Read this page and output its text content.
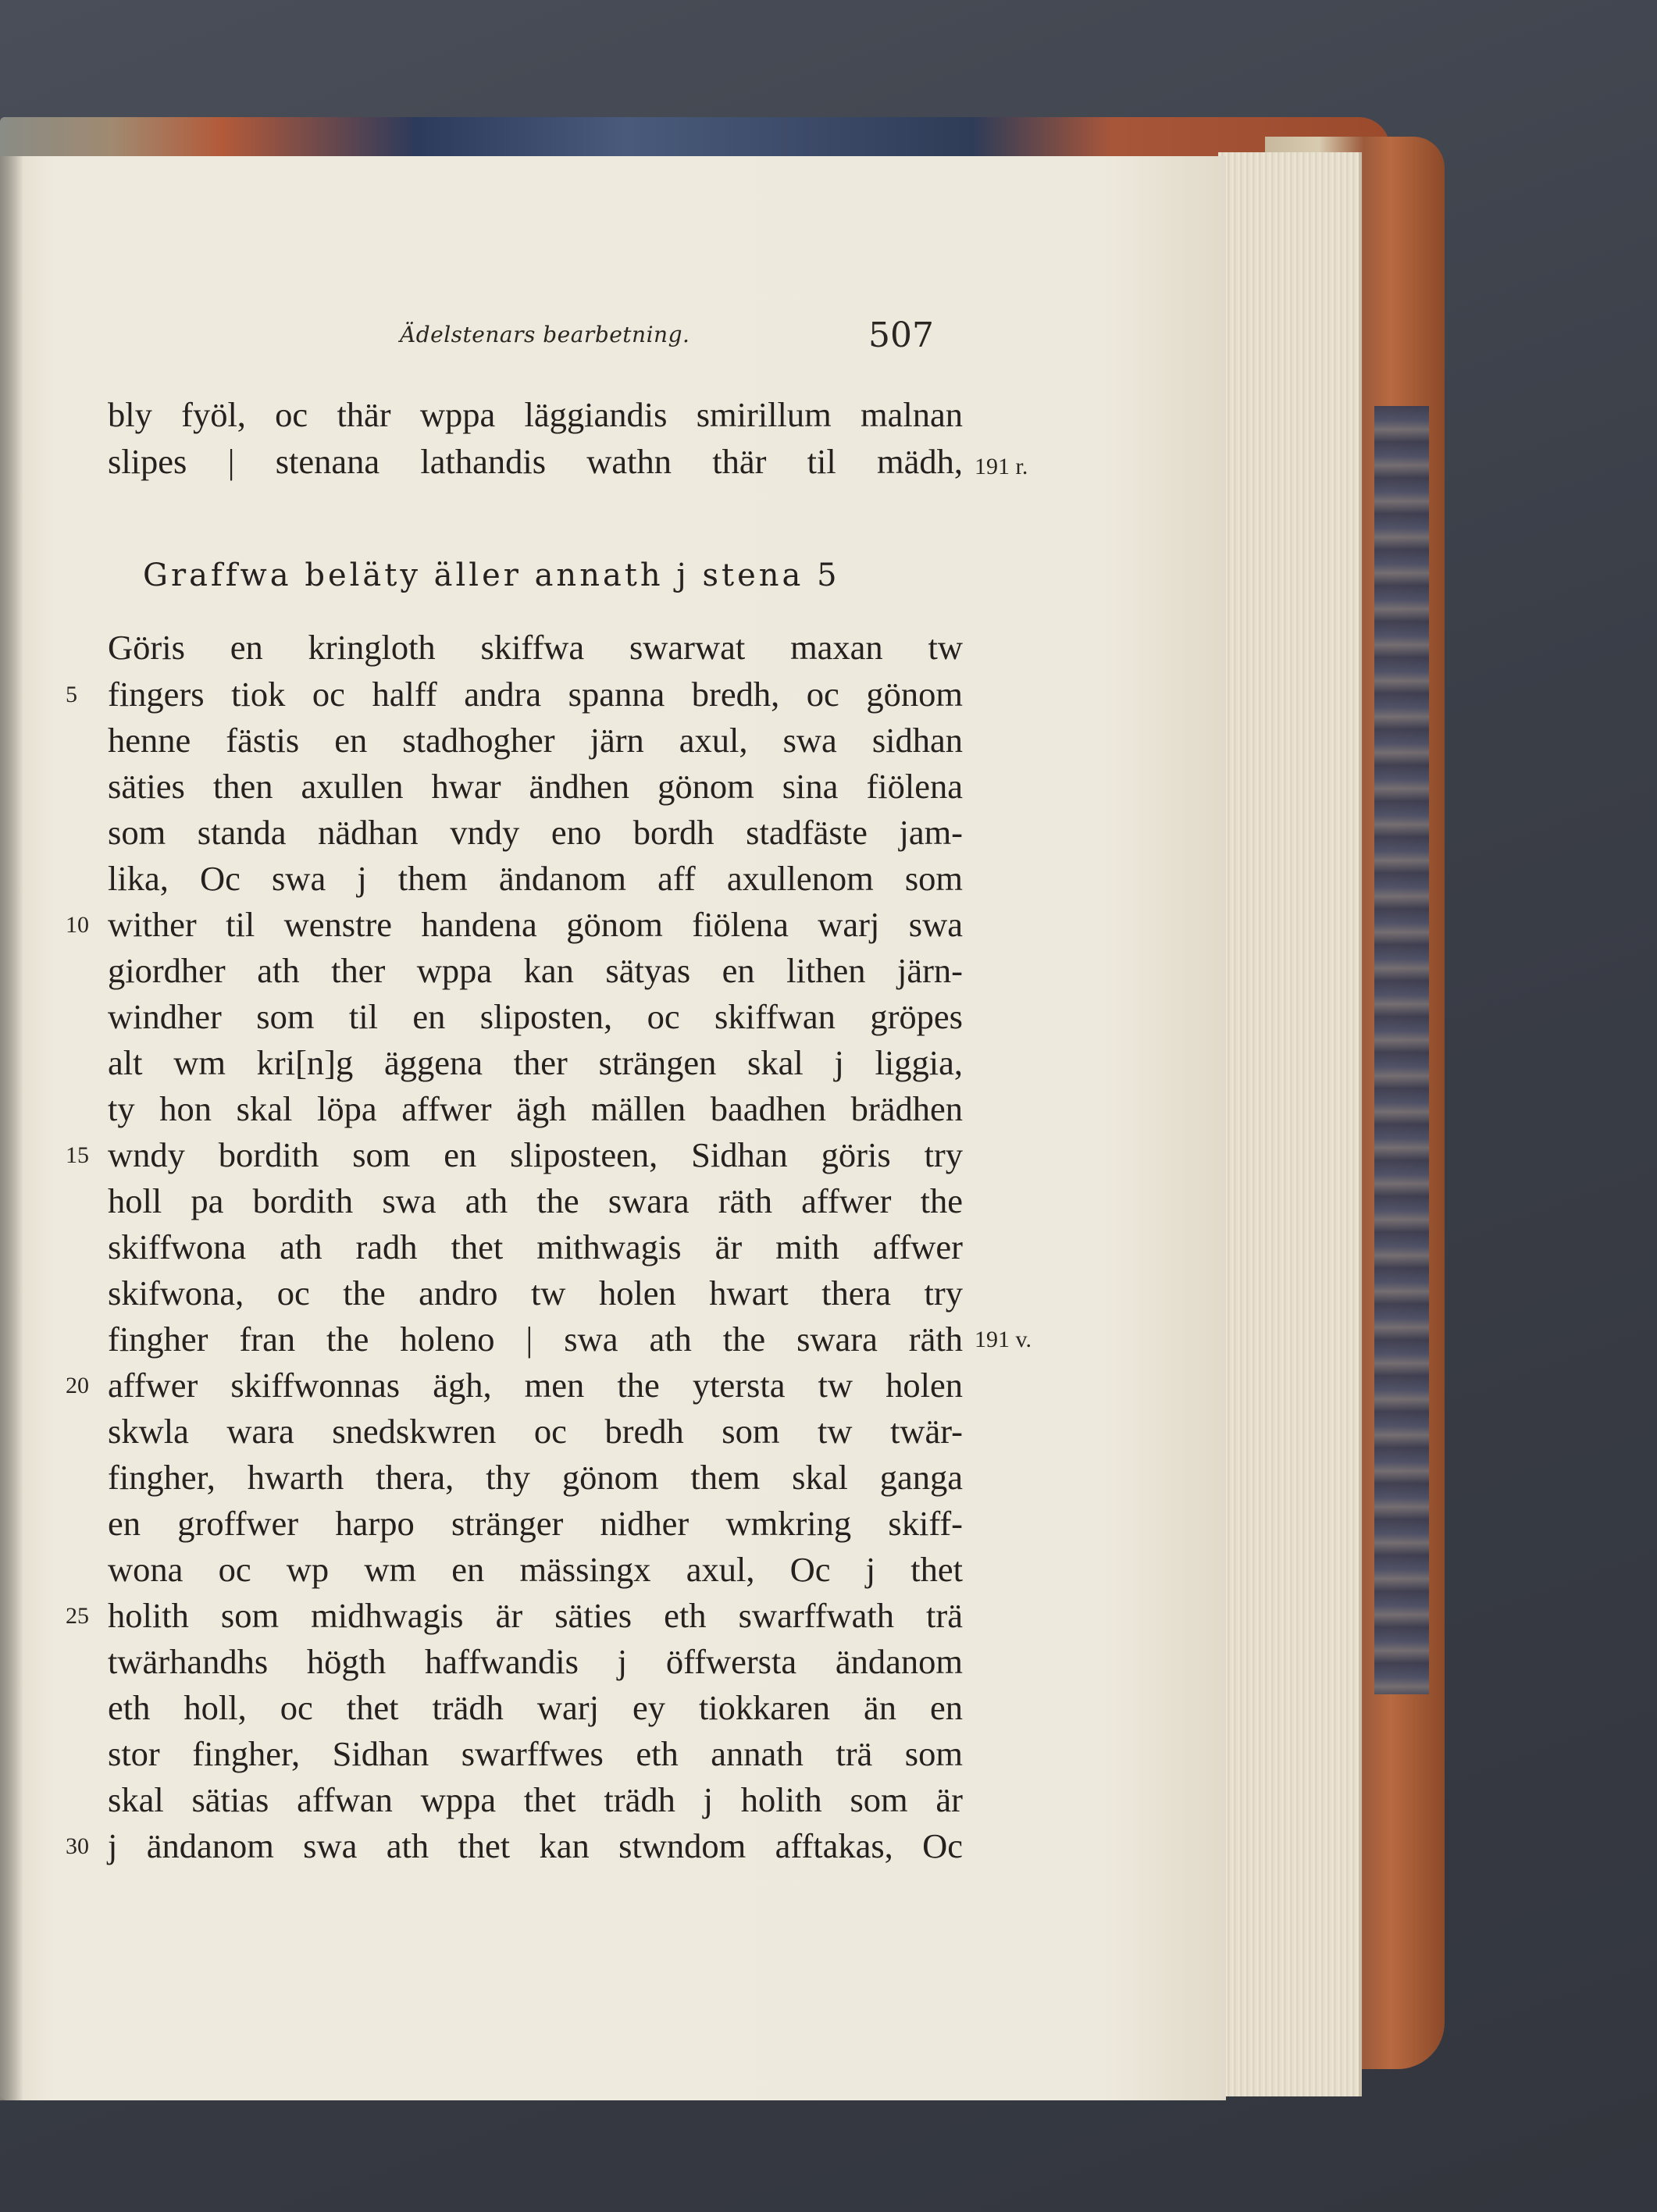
Ädelstenars bearbetning.	507
bly fyöl, oc thär wppa läggiandis smirillum malnan
slipes | stenana lathandis wathn thär til mädh, 191 r.
Graffwa beläty äller annath j stena 5
Göris en kringloth skiffwa swarwat maxan tw
fingers tiok oc halff andra spanna bredh, oc gönom
henne fästis en stadhogher järn axul, swa sidhan
säties then axullen hwar ändhen gönom sina fiölena
som standa nädhan vndy eno bordh stadfäste jam-
lika, Oc swa j them ändanom aff axullenom som
wither til wenstre handena gönom fiölena warj swa
giordher ath ther wppa kan sätyas en lithen järn-
windher som til en sliposten, oc skiffwan gröpes
alt wm kri[n]g äggena ther strängen skal j liggia,
ty hon skal löpa affwer ägh mällen baadhen brädhen
wndy bordith som en sliposteen, Sidhan göris try
holl pa bordith swa ath the swara räth affwer the
skiffwona ath radh thet mithwagis är mith affwer
skifwona, oc the andro tw holen hwart thera try
fingher fran the holeno | swa ath the swara räth
affwer skiffwonnas ägh, men the ytersta tw holen
skwla wara snedskwren oc bredh som tw twär-
fingher, hwarth thera, thy gönom them skal ganga
en groffwer harpo stränger nidher wmkring skiff-
wona oc wp wm en mässingx axul, Oc j thet
holith som midhwagis är säties eth swarffwath trä
twärhandhs högth haffwandis j öffwersta ändanom
eth holl, oc thet trädh warj ey tiokkaren än en
stor fingher, Sidhan swarffwes eth annath trä som
skal sätias affwan wppa thet trädh j holith som är
j ändanom swa ath thet kan stwndom afftakas, Oc
5
10
15
20
25
30
191 v.
